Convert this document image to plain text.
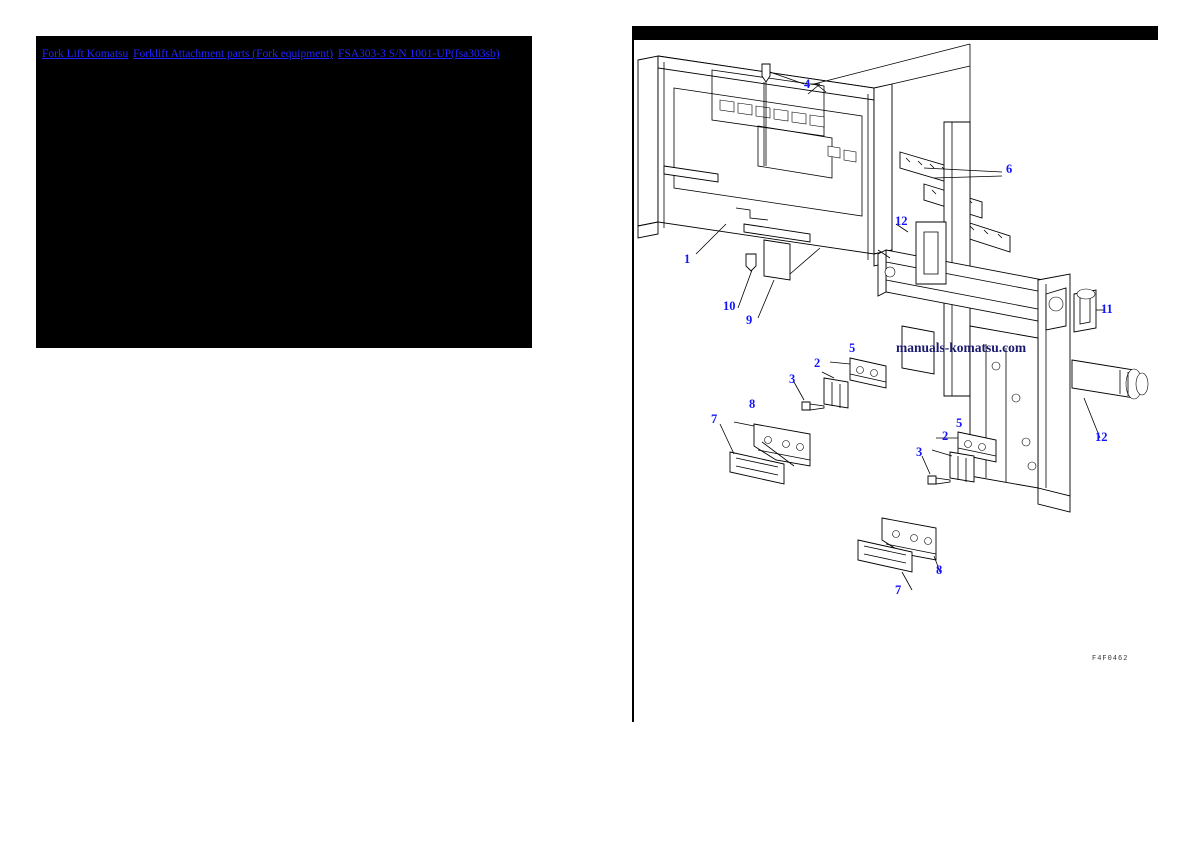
Fork Lift Komatsu Forklift Attachment parts (Fork equipment) FSA303-3 S/N 1001-UP(fsa303sb)
1
2
2
3
3
4
5
5
6
7
7
8
8
9
10	11
12
12
manuals-komatsu.com
F4F0462
